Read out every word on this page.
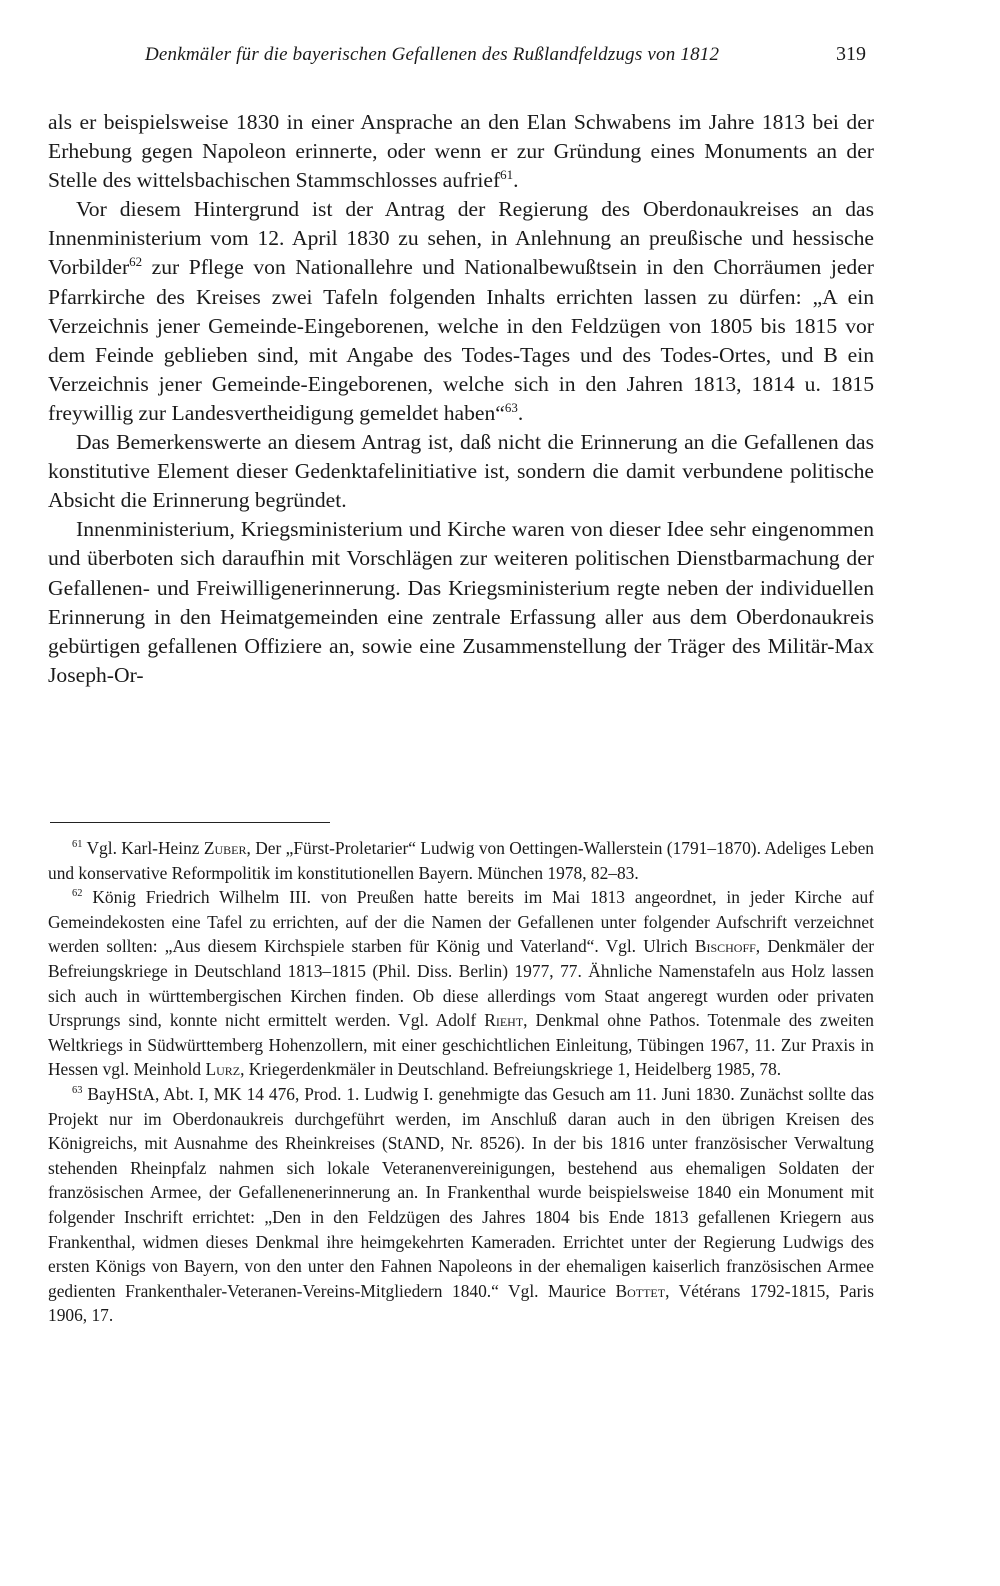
Denkmäler für die bayerischen Gefallenen des Rußlandfeldzugs von 1812	319

als er beispielsweise 1830 in einer Ansprache an den Elan Schwabens im Jahre 1813 bei der Erhebung gegen Napoleon erinnerte, oder wenn er zur Gründung eines Monuments an der Stelle des wittelsbachischen Stammschlosses aufrief$^{61}$.

Vor diesem Hintergrund ist der Antrag der Regierung des Oberdonaukreises an das Innenministerium vom 12. April 1830 zu sehen, in Anlehnung an preußische und hessische Vorbilder$^{62}$ zur Pflege von Nationallehre und Nationalbewußtsein in den Chorräumen jeder Pfarrkirche des Kreises zwei Tafeln folgenden Inhalts errichten lassen zu dürfen: „A ein Verzeichnis jener Gemeinde-Eingeborenen, welche in den Feldzügen von 1805 bis 1815 vor dem Feinde geblieben sind, mit Angabe des Todes-Tages und des Todes-Ortes, und B ein Verzeichnis jener Gemeinde-Eingeborenen, welche sich in den Jahren 1813, 1814 u. 1815 freywillig zur Landesvertheidigung gemeldet haben“$^{63}$.

Das Bemerkenswerte an diesem Antrag ist, daß nicht die Erinnerung an die Gefallenen das konstitutive Element dieser Gedenktafelinitiative ist, sondern die damit verbundene politische Absicht die Erinnerung begründet.

Innenministerium, Kriegsministerium und Kirche waren von dieser Idee sehr eingenommen und überboten sich daraufhin mit Vorschlägen zur weiteren politischen Dienstbarmachung der Gefallenen- und Freiwilligenerinnerung. Das Kriegsministerium regte neben der individuellen Erinnerung in den Heimatgemeinden eine zentrale Erfassung aller aus dem Oberdonaukreis gebürtigen gefallenen Offiziere an, sowie eine Zusammenstellung der Träger des Militär-Max Joseph-Or-

$^{61}$ Vgl. Karl-Heinz Zuber, Der „Fürst-Proletarier“ Ludwig von Oettingen-Wallerstein (1791–1870). Adeliges Leben und konservative Reformpolitik im konstitutionellen Bayern. München 1978, 82–83.

$^{62}$ König Friedrich Wilhelm III. von Preußen hatte bereits im Mai 1813 angeordnet, in jeder Kirche auf Gemeindekosten eine Tafel zu errichten, auf der die Namen der Gefallenen unter folgender Aufschrift verzeichnet werden sollten: „Aus diesem Kirchspiele starben für König und Vaterland“. Vgl. Ulrich Bischoff, Denkmäler der Befreiungskriege in Deutschland 1813–1815 (Phil. Diss. Berlin) 1977, 77. Ähnliche Namenstafeln aus Holz lassen sich auch in württembergischen Kirchen finden. Ob diese allerdings vom Staat angeregt wurden oder privaten Ursprungs sind, konnte nicht ermittelt werden. Vgl. Adolf Rieht, Denkmal ohne Pathos. Totenmale des zweiten Weltkriegs in Südwürttemberg Hohenzollern, mit einer geschichtlichen Einleitung, Tübingen 1967, 11. Zur Praxis in Hessen vgl. Meinhold Lurz, Kriegerdenkmäler in Deutschland. Befreiungskriege 1, Heidelberg 1985, 78.

$^{63}$ BayHStA, Abt. I, MK 14 476, Prod. 1. Ludwig I. genehmigte das Gesuch am 11. Juni 1830. Zunächst sollte das Projekt nur im Oberdonaukreis durchgeführt werden, im Anschluß daran auch in den übrigen Kreisen des Königreichs, mit Ausnahme des Rheinkreises (StAND, Nr. 8526). In der bis 1816 unter französischer Verwaltung stehenden Rheinpfalz nahmen sich lokale Veteranenvereinigungen, bestehend aus ehemaligen Soldaten der französischen Armee, der Gefallenenerinnerung an. In Frankenthal wurde beispielsweise 1840 ein Monument mit folgender Inschrift errichtet: „Den in den Feldzügen des Jahres 1804 bis Ende 1813 gefallenen Kriegern aus Frankenthal, widmen dieses Denkmal ihre heimgekehrten Kameraden. Errichtet unter der Regierung Ludwigs des ersten Königs von Bayern, von den unter den Fahnen Napoleons in der ehemaligen kaiserlich französischen Armee gedienten Frankenthaler-Veteranen-Vereins-Mitgliedern 1840.“ Vgl. Maurice Bottet, Vétérans 1792-1815, Paris 1906, 17.
